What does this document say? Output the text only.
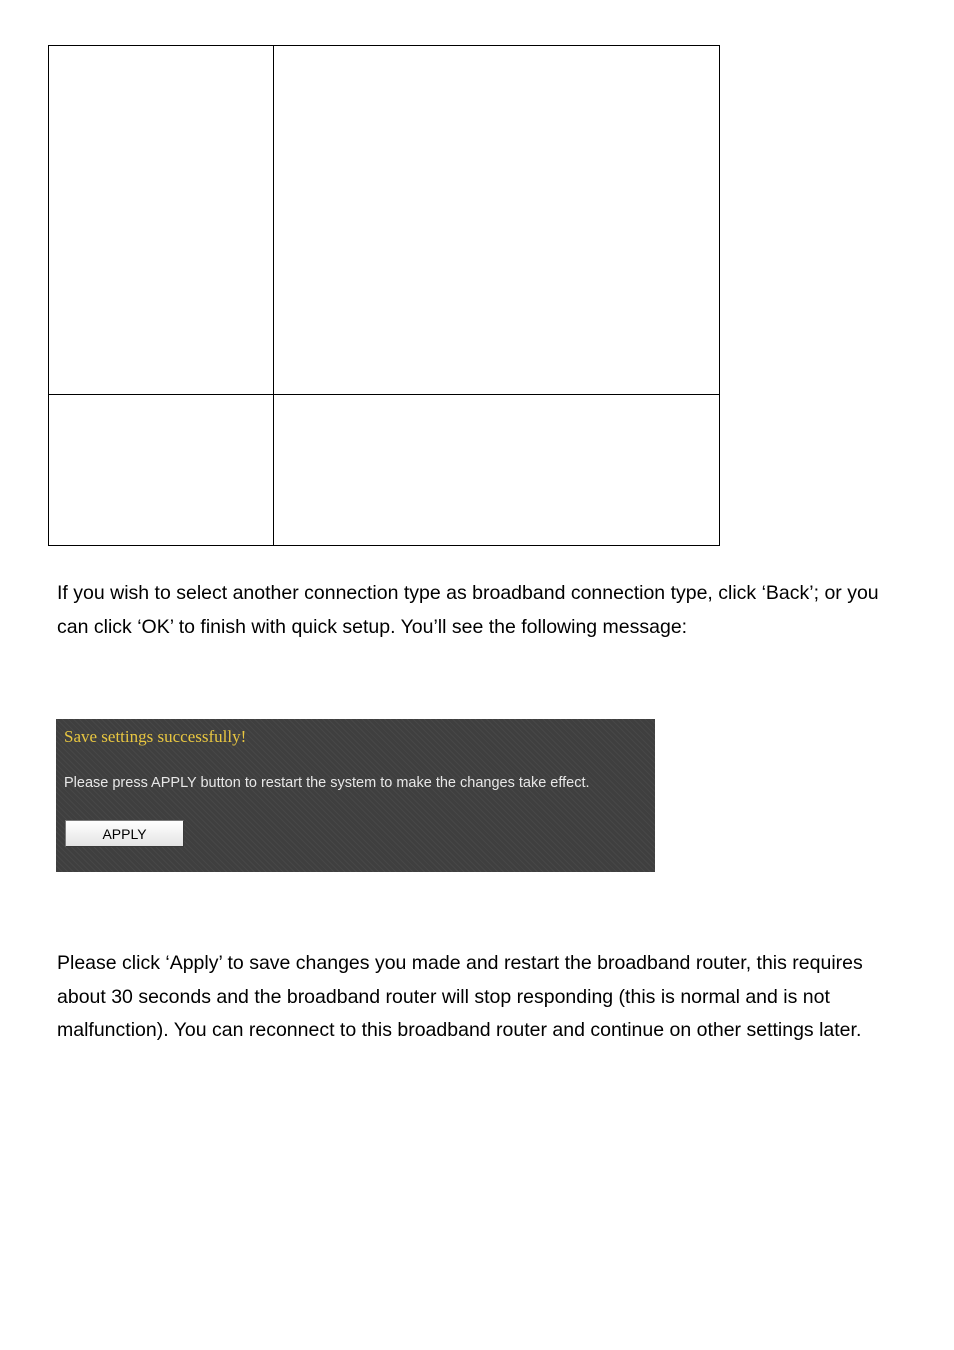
If you wish to select another connection type as broadband connection type, click ‘Back’; or you can click ‘OK’ to finish with quick setup. You’ll see the following message:

Save settings successfully!

Please press APPLY button to restart the system to make the changes take effect.

APPLY

Please click ‘Apply’ to save changes you made and restart the broadband router, this requires about 30 seconds and the broadband router will stop responding (this is normal and is not malfunction). You can reconnect to this broadband router and continue on other settings later.
